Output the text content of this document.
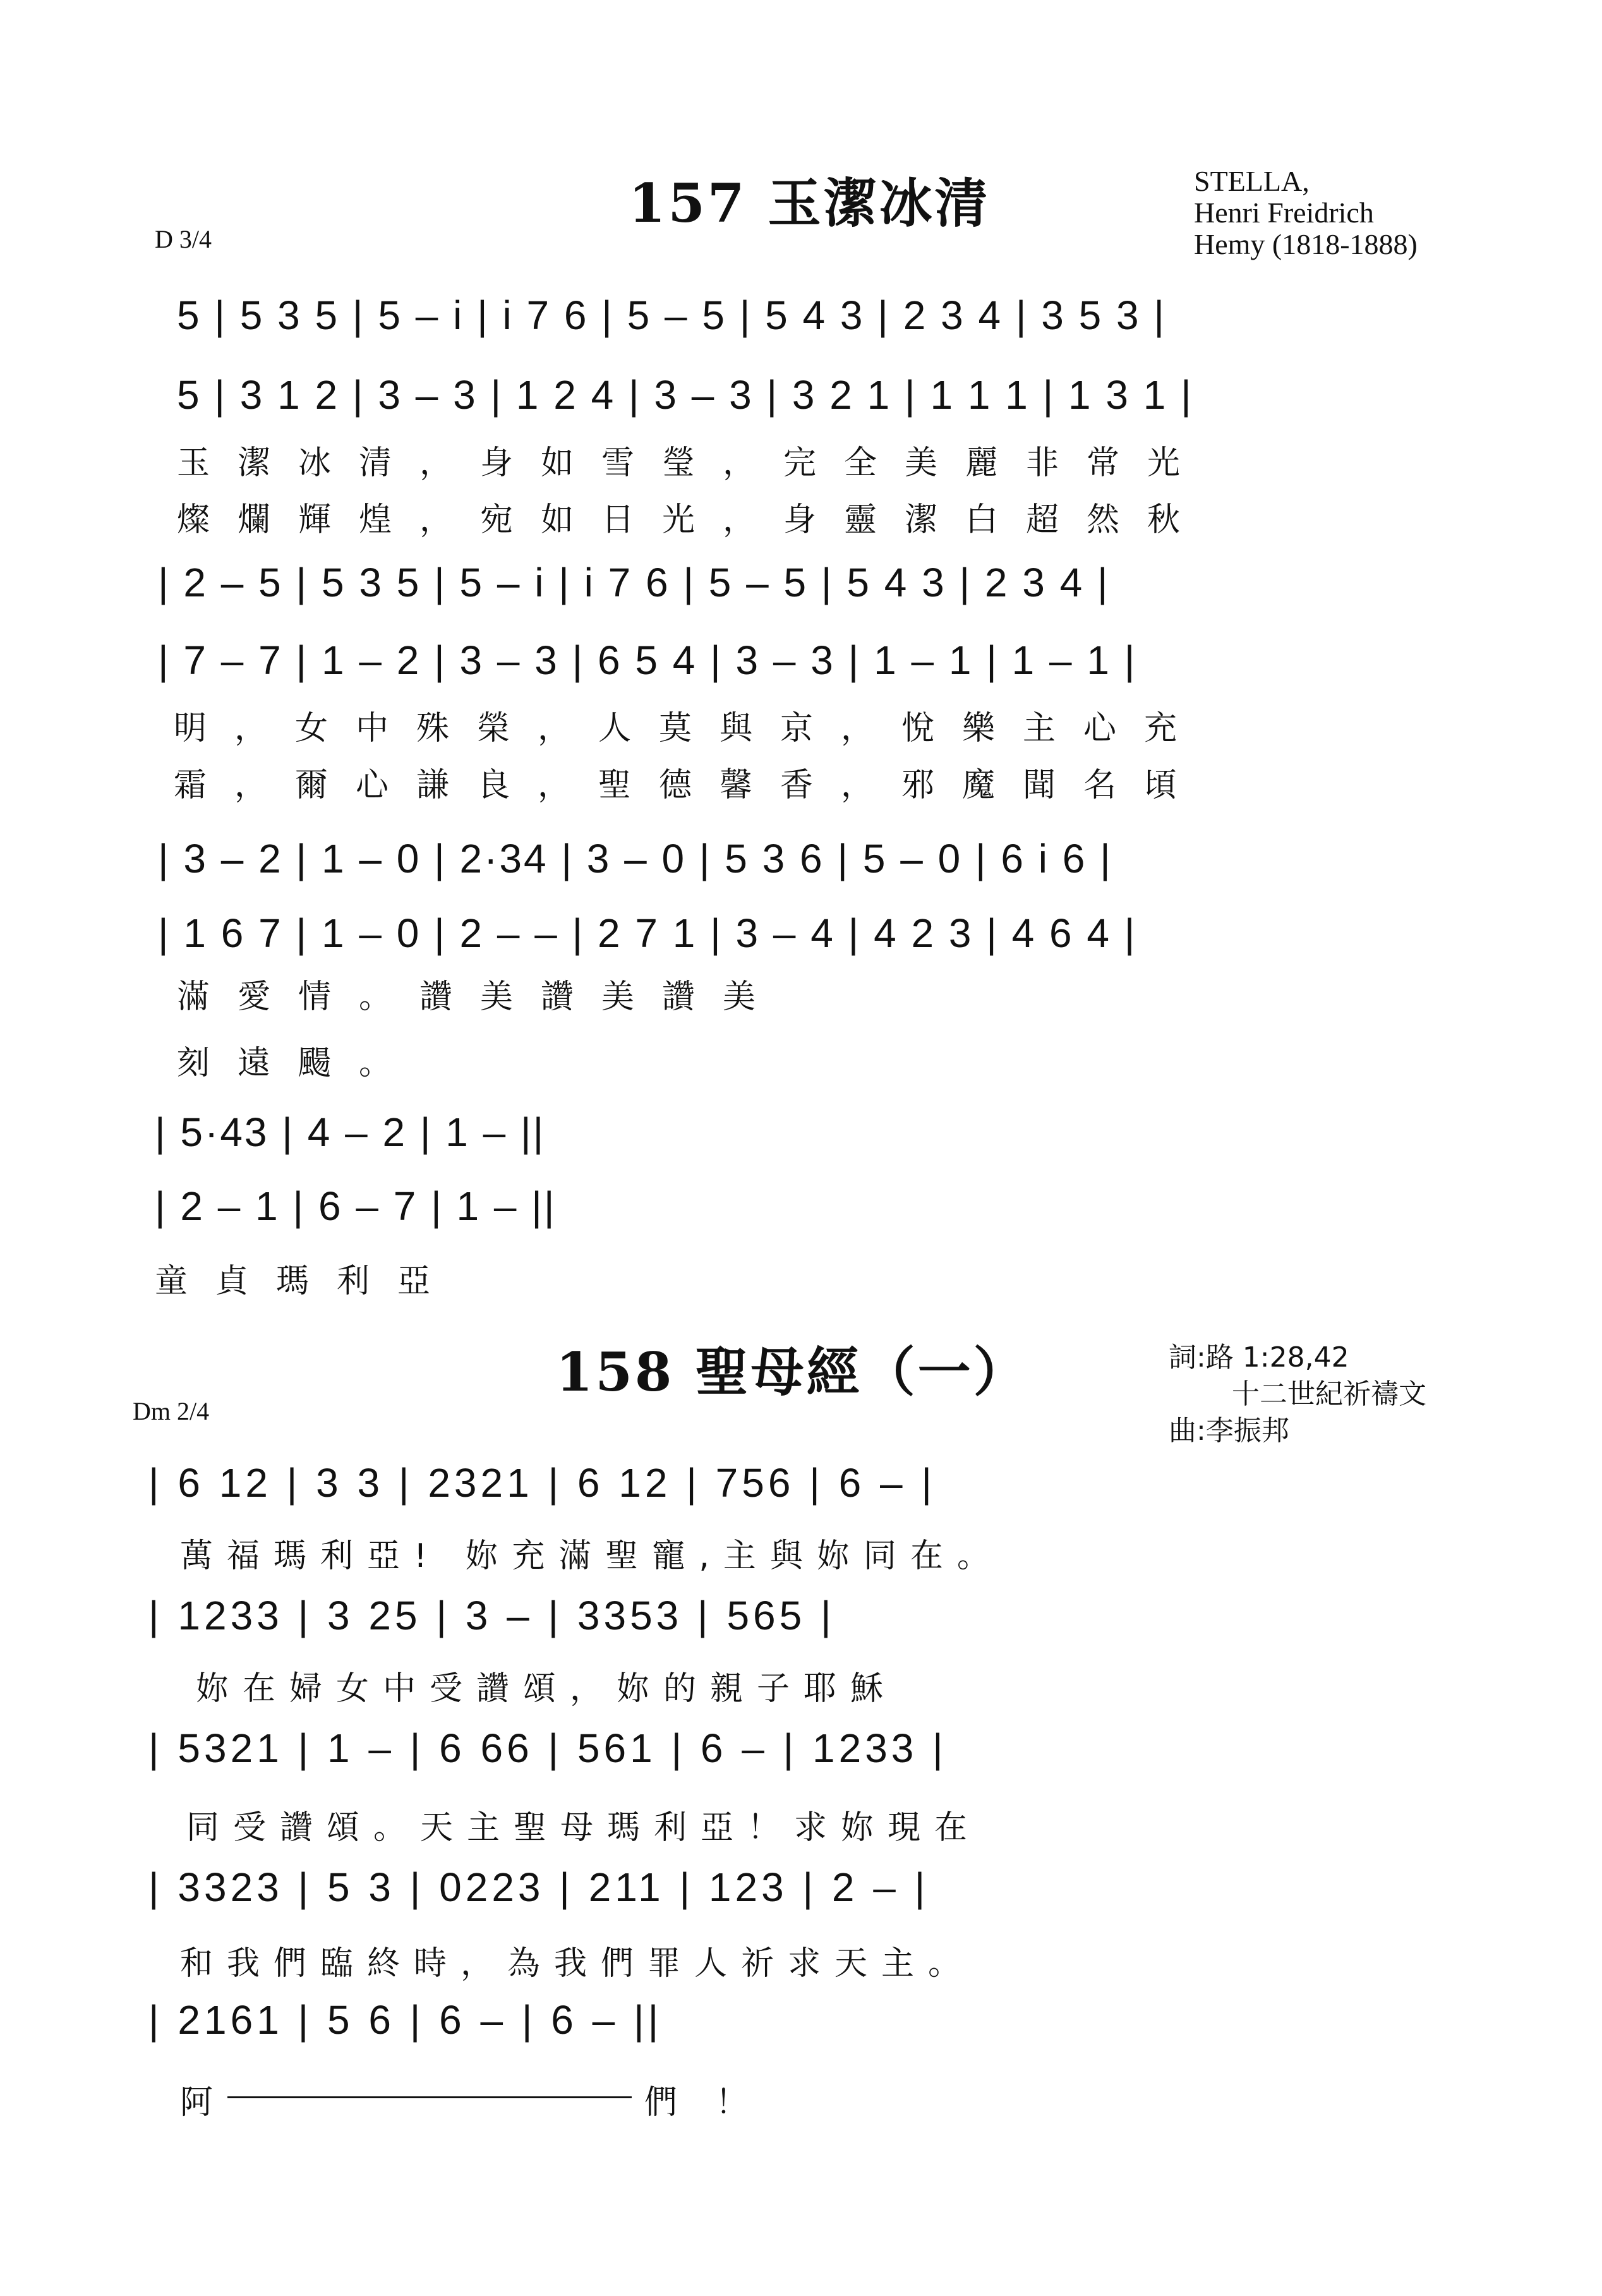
157 玉潔冰清	STELLA,
Henri Freidrich
Hemy (1818-1888)
D 3/4
5 | 5 3 5 | 5 – i | i 7 6 | 5 – 5 | 5 4 3 | 2 3 4 | 3 5 3 |
5 | 3 1 2 | 3 – 3 | 1 2 4 | 3 – 3 | 3 2 1 | 1 1 1 | 1 3 1 |
玉潔冰清，身如雪瑩，完全美麗非常光
燦爛輝煌，宛如日光，身靈潔白超然秋
| 2 – 5 | 5 3 5 | 5 – i | i 7 6 | 5 – 5 | 5 4 3 | 2 3 4 |
| 7 – 7 | 1 – 2 | 3 – 3 | 6 5 4 | 3 – 3 | 1 – 1 | 1 – 1 |
明，女中殊榮，人莫與京，悅樂主心充
霜，爾心謙良，聖德馨香，邪魔聞名頃
| 3 – 2 | 1 – 0 | 2·34 | 3 – 0 | 5 3 6 | 5 – 0 | 6 i 6 |
| 1 6 7 | 1 – 0 | 2 – – | 2 7 1 | 3 – 4 | 4 2 3 | 4 6 4 |
滿愛情。讚美讚美讚美
刻遠颺。
| 5·43 | 4 – 2 | 1 – ||
| 2 – 1 | 6 – 7 | 1 – ||
童貞瑪利亞
158 聖母經（一）	詞:路 1:28,42
十二世紀祈禱文
曲:李振邦
Dm 2/4
| 6 12 | 3 3 | 2321 | 6 12 | 756 | 6 – |
萬福瑪利亞! 妳充滿聖寵,主與妳同在。
| 1233 | 3 25 | 3 – | 3353 | 565 |
妳在婦女中受讚頌，妳的親子耶穌
| 5321 | 1 – | 6 66 | 561 | 6 – | 1233 |
同受讚頌。天主聖母瑪利亞！求妳現在
| 3323 | 5 3 | 0223 | 211 | 123 | 2 – |
和我們臨終時，為我們罪人祈求天主。
| 2161 | 5 6 | 6 – | 6 – ||
阿	們 ！
